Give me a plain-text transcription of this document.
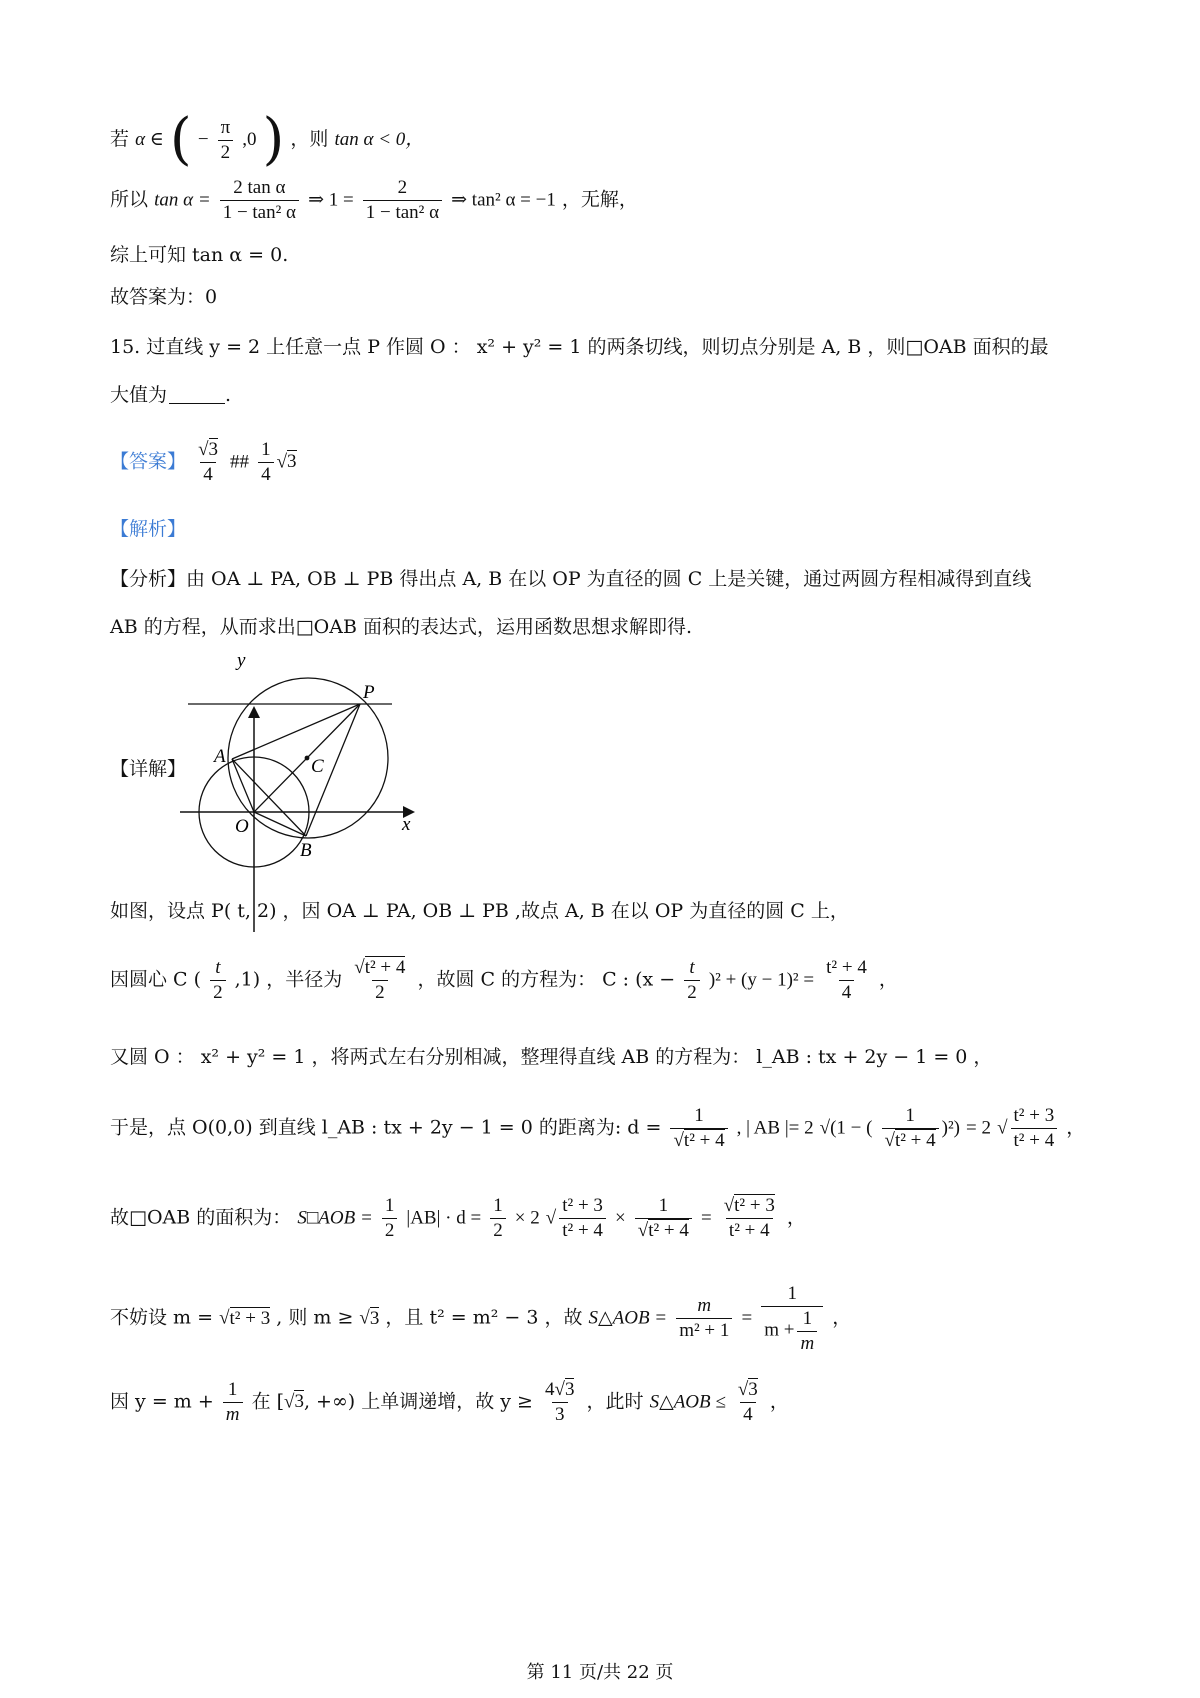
若 α ∈ ( − $\frac{\pi}{2} ,0$ ) ，则 tan α < 0，
所以 $\tan \alpha = \frac{\text{2 tan α}}{\text{1 − tan² α}}$ ⇒ $1 = \frac{2}{\text{1 − tan² α}}$ ⇒ tan² α = −1 ，无解，
综上可知 tan α = 0.
故答案为：0
15. 过直线 y = 2 上任意一点 P 作圆 O ： x² + y² = 1 的两条切线，则切点分别是 A, B ，则□OAB 面积的最
大值为	.
【答案】 $\frac{√3}{4}$ ## $\frac{1}{4} √3$
【解析】
【分析】由 OA ⊥ PA, OB ⊥ PB 得出点 A, B 在以 OP 为直径的圆 C 上是关键，通过两圆方程相减得到直线
AB 的方程，从而求出□OAB 面积的表达式，运用函数思想求解即得.
【详解】
y
x
P
A	C
O
B
如图，设点 P( t, 2) ，因 OA ⊥ PA, OB ⊥ PB ,故点 A, B 在以 OP 为直径的圆 C 上，
因圆心 C ( $\frac{t}{2} ,1$) ，半径为 $\frac{\text{√t² + 4}}{2}$ ，故圆 C 的方程为： C : $(x - \frac{t}{2} )^2 + (y - 1)^2 = \frac{\text{t² + 4}}{4}$ ，
又圆 O ： x² + y² = 1 ，将两式左右分别相减，整理得直线 AB 的方程为： l_AB : tx + 2y − 1 = 0 ，
于是，点 O(0,0) 到直线 l_AB : tx + 2y − 1 = 0 的距离为: $d = \frac{1}{\text{√t² + 4}}$ , | AB |= 2 √(1 − ( $\frac{1}{\text{√t² + 4}} )^2) = 2$ √ $\frac{\text{t² + 3}}{\text{t² + 4}}$ ，
故□OAB 的面积为： S□AOB = $\frac{1}{2} |AB| \cdot d = \frac{1}{2} \times 2$ √ $\frac{\text{t² + 3}}{\text{t² + 4}} \times \frac{1}{\text{√t² + 4}} = \frac{\text{√t² + 3}}{\text{t² + 4}}$ ，
不妨设 m = √t² + 3 , 则 m ≥ √3 ，且 t² = m² − 3 ，故 S△AOB = $\frac{m}{\text{m² + 1}} = \frac{1}{m + \frac{1}{m}}$ ，
因 $y = m + \frac{1}{m}$ 在 [√3, +∞) 上单调递增，故 $y \ge \frac{4√3}{3}$ ，此时 S△AOB ≤ $\frac{√3}{4}$ ，
第 11 页/共 22 页
